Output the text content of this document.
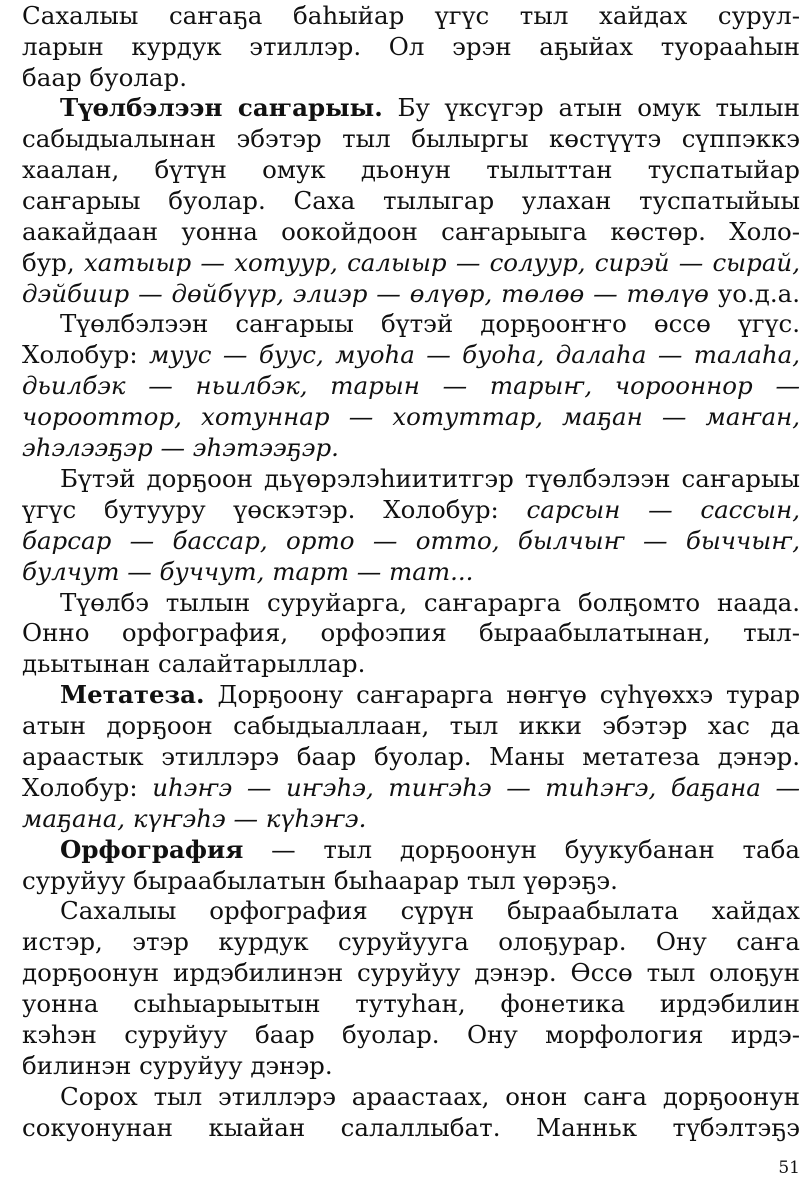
Сахалыы саҥаҕа баһыйар үгүс тыл хайдах сурул-
ларын курдук этиллэр. Ол эрэн аҕыйах туорааһын
баар буолар.
Түөлбэлээн саҥарыы. Бу үксүгэр атын омук тылын
сабыдыалынан эбэтэр тыл былыргы көстүүтэ сүппэккэ
хаалан, бүтүн омук дьонун тылыттан туспатыйар
саҥарыы буолар. Саха тылыгар улахан туспатыйыы
аакайдаан уонна оокойдоон саҥарыыга көстөр. Холо-
бур, хатыыр — хотуур, салыыр — солуур, сирэй — сырай,
дэйбиир — дөйбүүр, элиэр — өлүөр, төлөө — төлүө уо.д.а.
Түөлбэлээн саҥарыы бүтэй дорҕооҥҥо өссө үгүс.
Холобур: муус — буус, муоһа — буоһа, далаһа — талаһа,
дьилбэк — ньилбэк, тарын — тарыҥ, чорооннор —
чорооттор, хотуннар — хотуттар, маҕан — маҥан,
эһэлээҕэр — эһэтээҕэр.
Бүтэй дорҕоон дьүөрэлэһиититгэр түөлбэлээн саҥарыы
үгүс бутууру үөскэтэр. Холобур: сарсын — сассын,
барсар — бассар, орто — отто, былчыҥ — быччыҥ,
булчут — буччут, тарт — тат...
Түөлбэ тылын суруйарга, саҥарарга болҕомто наада.
Онно орфография, орфоэпия быраабылатынан, тыл-
дьытынан салайтарыллар.
Метатеза. Дорҕоону саҥарарга нөҥүө сүһүөххэ турар
атын дорҕоон сабыдыаллаан, тыл икки эбэтэр хас да
араастык этиллэрэ баар буолар. Маны метатеза дэнэр.
Холобур: иһэҥэ — иҥэһэ, тиҥэһэ — тиһэҥэ, баҕана —
маҕана, күҥэһэ — күһэҥэ.
Орфография — тыл дорҕоонун буукубанан таба
суруйуу быраабылатын быһаарар тыл үөрэҕэ.
Сахалыы орфография сүрүн быраабылата хайдах
истэр, этэр курдук суруйууга олоҕурар. Ону саҥа
дорҕоонун ирдэбилинэн суруйуу дэнэр. Өссө тыл олоҕун
уонна сыһыарыытын тутуһан, фонетика ирдэбилин
кэһэн суруйуу баар буолар. Ону морфология ирдэ-
билинэн суруйуу дэнэр.
Сорох тыл этиллэрэ араастаах, онон саҥа дорҕоонун
сокуонунан кыайан салаллыбат. Манньк түбэлтэҕэ
51
